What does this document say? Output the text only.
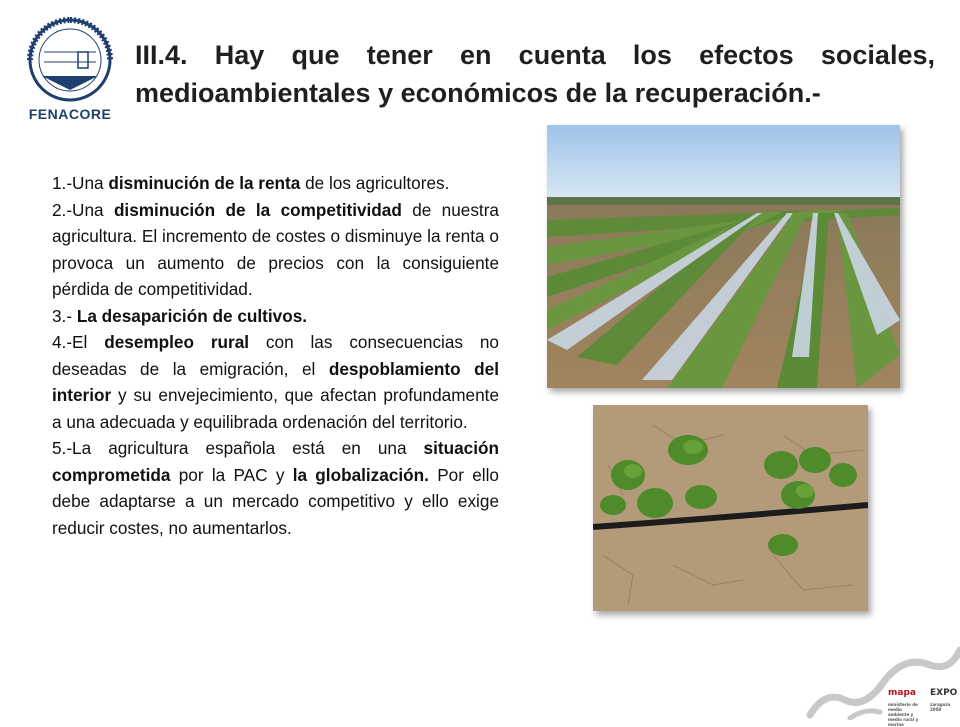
FENACORE
III.4. Hay que tener en cuenta los efectos sociales,
medioambientales y económicos de la recuperación.-

1.-Una disminución de la renta de los agricultores.

2.-Una disminución de la competitividad de nuestra agricultura. El incremento de costes o disminuye la renta o provoca un aumento de precios con la consiguiente pérdida de competitividad.

3.- La desaparición de cultivos.

4.-El desempleo rural con las consecuencias no deseadas de la emigración, el despoblamiento del interior y su envejecimiento, que afectan profundamente a una adecuada y equilibrada ordenación del territorio.

5.-La agricultura española está en una situación comprometida por la PAC y la globalización. Por ello debe adaptarse a un mercado competitivo y ello exige reducir costes, no aumentarlos.

mapa
ministerio de medio ambiente y medio rural y marino
EXPO
zaragoza 2008
